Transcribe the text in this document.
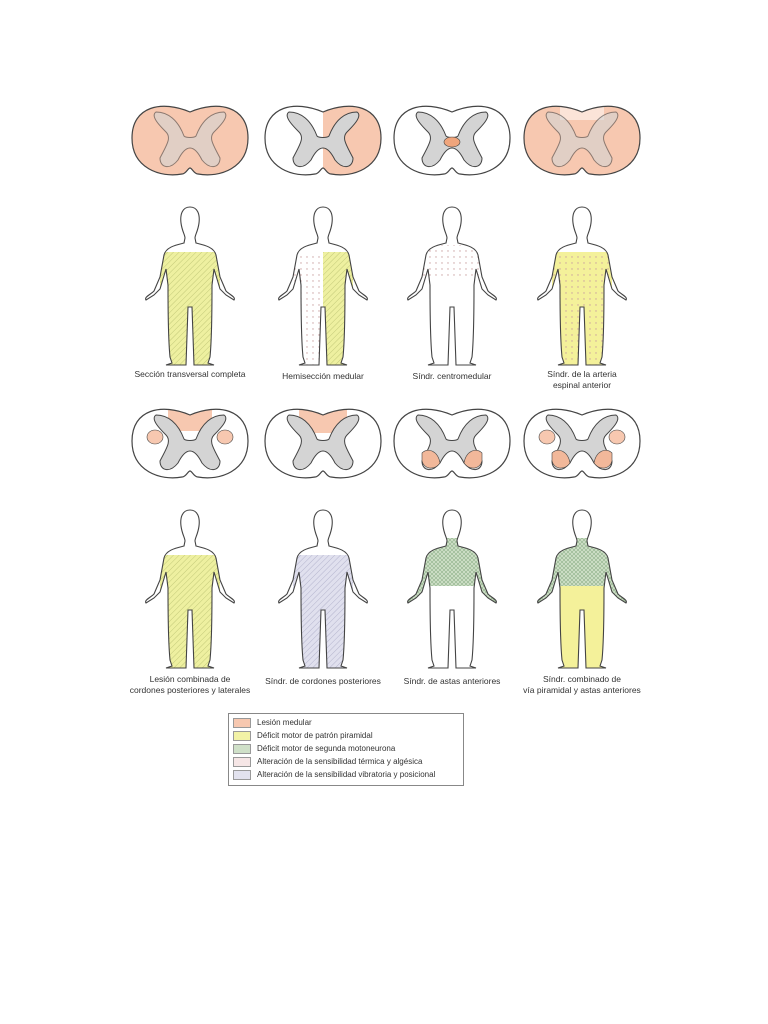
Sección transversal completa	Hemisección medular	Síndr. centromedular	Síndr. de la arteria
espinal anterior
Lesión combinada de
cordones posteriores y laterales
Síndr. de cordones posteriores	Síndr. de astas anteriores	Síndr. combinado de
vía piramidal y astas anteriores
Lesión medular
Déficit motor de patrón piramidal
Déficit motor de segunda motoneurona
Alteración de la sensibilidad térmica y algésica
Alteración de la sensibilidad vibratoria y posicional
